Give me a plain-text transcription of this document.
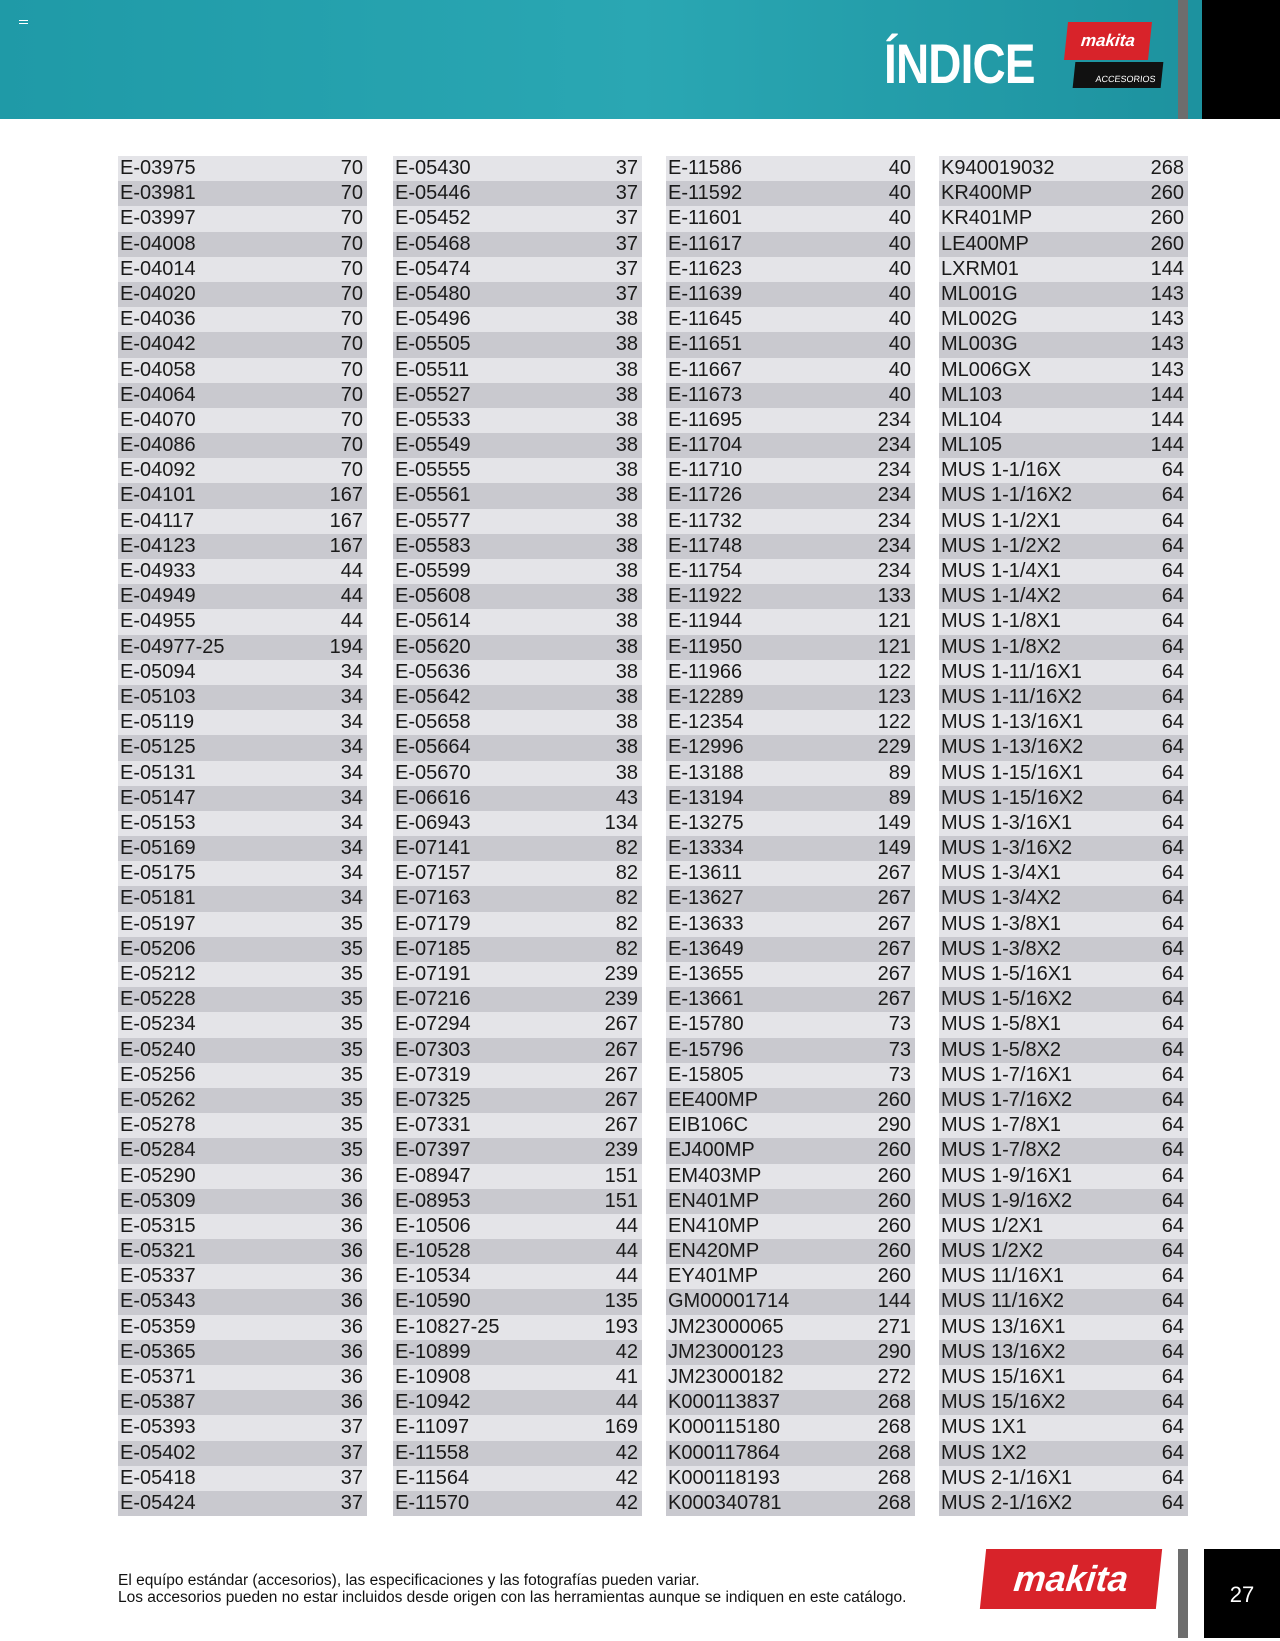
ÍNDICE	makita
ACCESORIOS
E-03975	70
E-03981	70
E-03997	70
E-04008	70
E-04014	70
E-04020	70
E-04036	70
E-04042	70
E-04058	70
E-04064	70
E-04070	70
E-04086	70
E-04092	70
E-04101	167
E-04117	167
E-04123	167
E-04933	44
E-04949	44
E-04955	44
E-04977-25	194
E-05094	34
E-05103	34
E-05119	34
E-05125	34
E-05131	34
E-05147	34
E-05153	34
E-05169	34
E-05175	34
E-05181	34
E-05197	35
E-05206	35
E-05212	35
E-05228	35
E-05234	35
E-05240	35
E-05256	35
E-05262	35
E-05278	35
E-05284	35
E-05290	36
E-05309	36
E-05315	36
E-05321	36
E-05337	36
E-05343	36
E-05359	36
E-05365	36
E-05371	36
E-05387	36
E-05393	37
E-05402	37
E-05418	37
E-05424	37
E-05430	37
E-05446	37
E-05452	37
E-05468	37
E-05474	37
E-05480	37
E-05496	38
E-05505	38
E-05511	38
E-05527	38
E-05533	38
E-05549	38
E-05555	38
E-05561	38
E-05577	38
E-05583	38
E-05599	38
E-05608	38
E-05614	38
E-05620	38
E-05636	38
E-05642	38
E-05658	38
E-05664	38
E-05670	38
E-06616	43
E-06943	134
E-07141	82
E-07157	82
E-07163	82
E-07179	82
E-07185	82
E-07191	239
E-07216	239
E-07294	267
E-07303	267
E-07319	267
E-07325	267
E-07331	267
E-07397	239
E-08947	151
E-08953	151
E-10506	44
E-10528	44
E-10534	44
E-10590	135
E-10827-25	193
E-10899	42
E-10908	41
E-10942	44
E-11097	169
E-11558	42
E-11564	42
E-11570	42
E-11586	40
E-11592	40
E-11601	40
E-11617	40
E-11623	40
E-11639	40
E-11645	40
E-11651	40
E-11667	40
E-11673	40
E-11695	234
E-11704	234
E-11710	234
E-11726	234
E-11732	234
E-11748	234
E-11754	234
E-11922	133
E-11944	121
E-11950	121
E-11966	122
E-12289	123
E-12354	122
E-12996	229
E-13188	89
E-13194	89
E-13275	149
E-13334	149
E-13611	267
E-13627	267
E-13633	267
E-13649	267
E-13655	267
E-13661	267
E-15780	73
E-15796	73
E-15805	73
EE400MP	260
EIB106C	290
EJ400MP	260
EM403MP	260
EN401MP	260
EN410MP	260
EN420MP	260
EY401MP	260
GM00001714	144
JM23000065	271
JM23000123	290
JM23000182	272
K000113837	268
K000115180	268
K000117864	268
K000118193	268
K000340781	268
K940019032	268
KR400MP	260
KR401MP	260
LE400MP	260
LXRM01	144
ML001G	143
ML002G	143
ML003G	143
ML006GX	143
ML103	144
ML104	144
ML105	144
MUS 1-1/16X	64
MUS 1-1/16X2	64
MUS 1-1/2X1	64
MUS 1-1/2X2	64
MUS 1-1/4X1	64
MUS 1-1/4X2	64
MUS 1-1/8X1	64
MUS 1-1/8X2	64
MUS 1-11/16X1	64
MUS 1-11/16X2	64
MUS 1-13/16X1	64
MUS 1-13/16X2	64
MUS 1-15/16X1	64
MUS 1-15/16X2	64
MUS 1-3/16X1	64
MUS 1-3/16X2	64
MUS 1-3/4X1	64
MUS 1-3/4X2	64
MUS 1-3/8X1	64
MUS 1-3/8X2	64
MUS 1-5/16X1	64
MUS 1-5/16X2	64
MUS 1-5/8X1	64
MUS 1-5/8X2	64
MUS 1-7/16X1	64
MUS 1-7/16X2	64
MUS 1-7/8X1	64
MUS 1-7/8X2	64
MUS 1-9/16X1	64
MUS 1-9/16X2	64
MUS 1/2X1	64
MUS 1/2X2	64
MUS 11/16X1	64
MUS 11/16X2	64
MUS 13/16X1	64
MUS 13/16X2	64
MUS 15/16X1	64
MUS 15/16X2	64
MUS 1X1	64
MUS 1X2	64
MUS 2-1/16X1	64
MUS 2-1/16X2	64
El equípo estándar (accesorios), las especificaciones y las fotografías pueden variar.
Los accesorios pueden no estar incluidos desde origen con las herramientas aunque se indiquen en este catálogo.	makita	27
